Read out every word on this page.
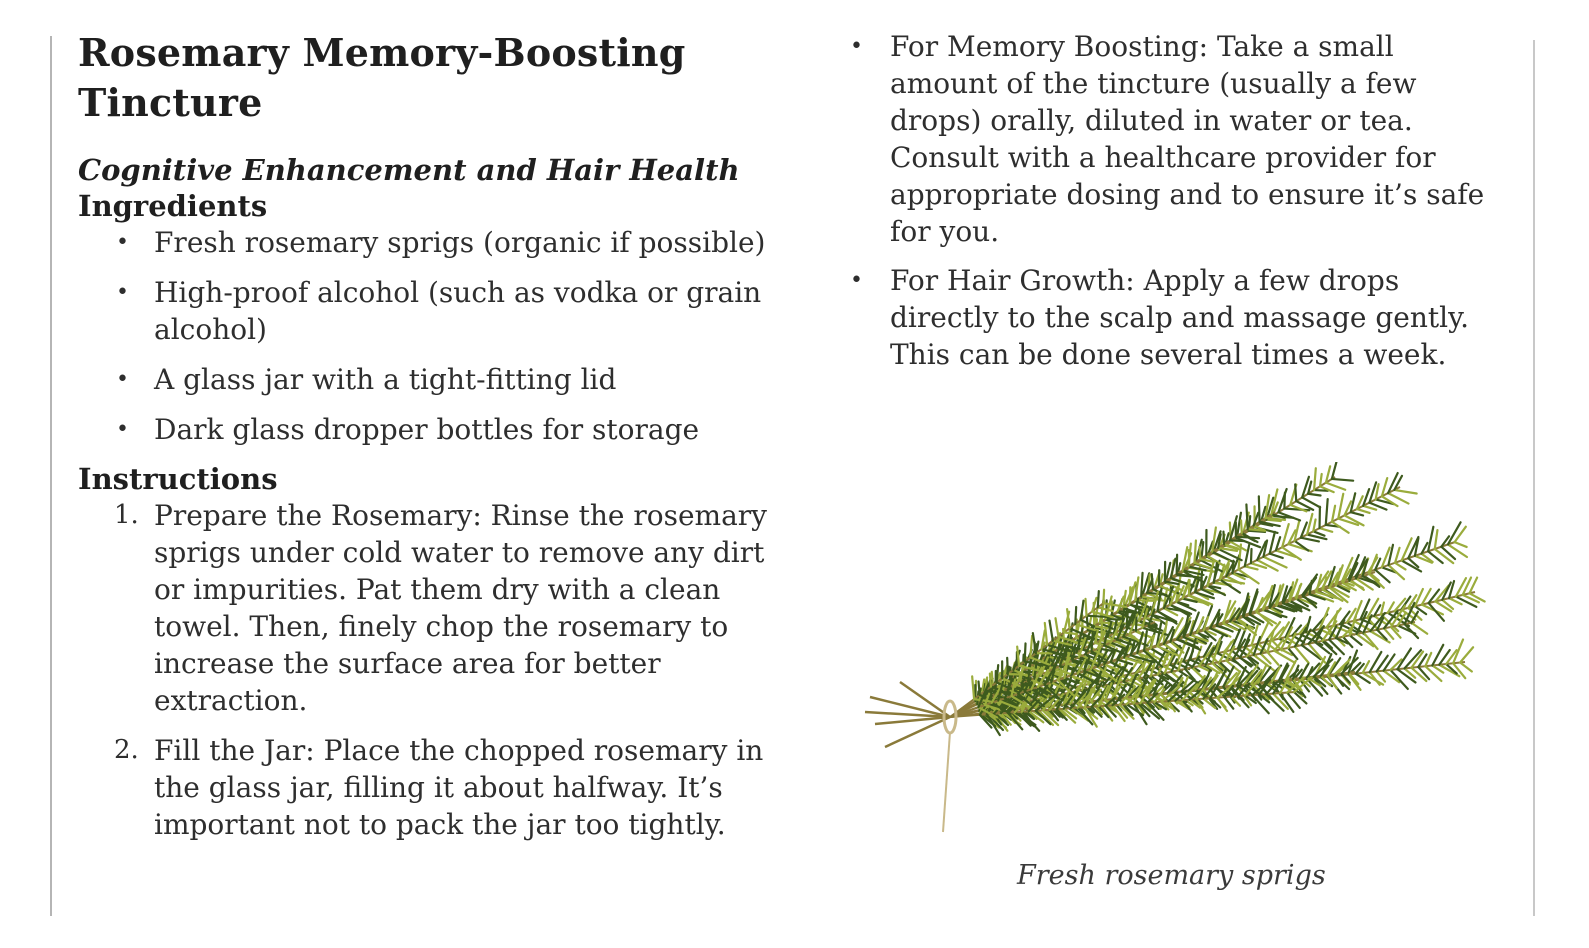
Rosemary Memory-Boosting Tincture
Cognitive Enhancement and Hair Health
Ingredients
• Fresh rosemary sprigs (organic if possible)
• High-proof alcohol (such as vodka or grain alcohol)
• A glass jar with a tight-fitting lid
• Dark glass dropper bottles for storage
Instructions
1. Prepare the Rosemary: Rinse the rosemary sprigs under cold water to remove any dirt or impurities. Pat them dry with a clean towel. Then, finely chop the rosemary to increase the surface area for better extraction.
2. Fill the Jar: Place the chopped rosemary in the glass jar, filling it about halfway. It’s important not to pack the jar too tightly.
• For Memory Boosting: Take a small amount of the tincture (usually a few drops) orally, diluted in water or tea. Consult with a healthcare provider for appropriate dosing and to ensure it’s safe for you.
• For Hair Growth: Apply a few drops directly to the scalp and massage gently. This can be done several times a week.
Fresh rosemary sprigs
